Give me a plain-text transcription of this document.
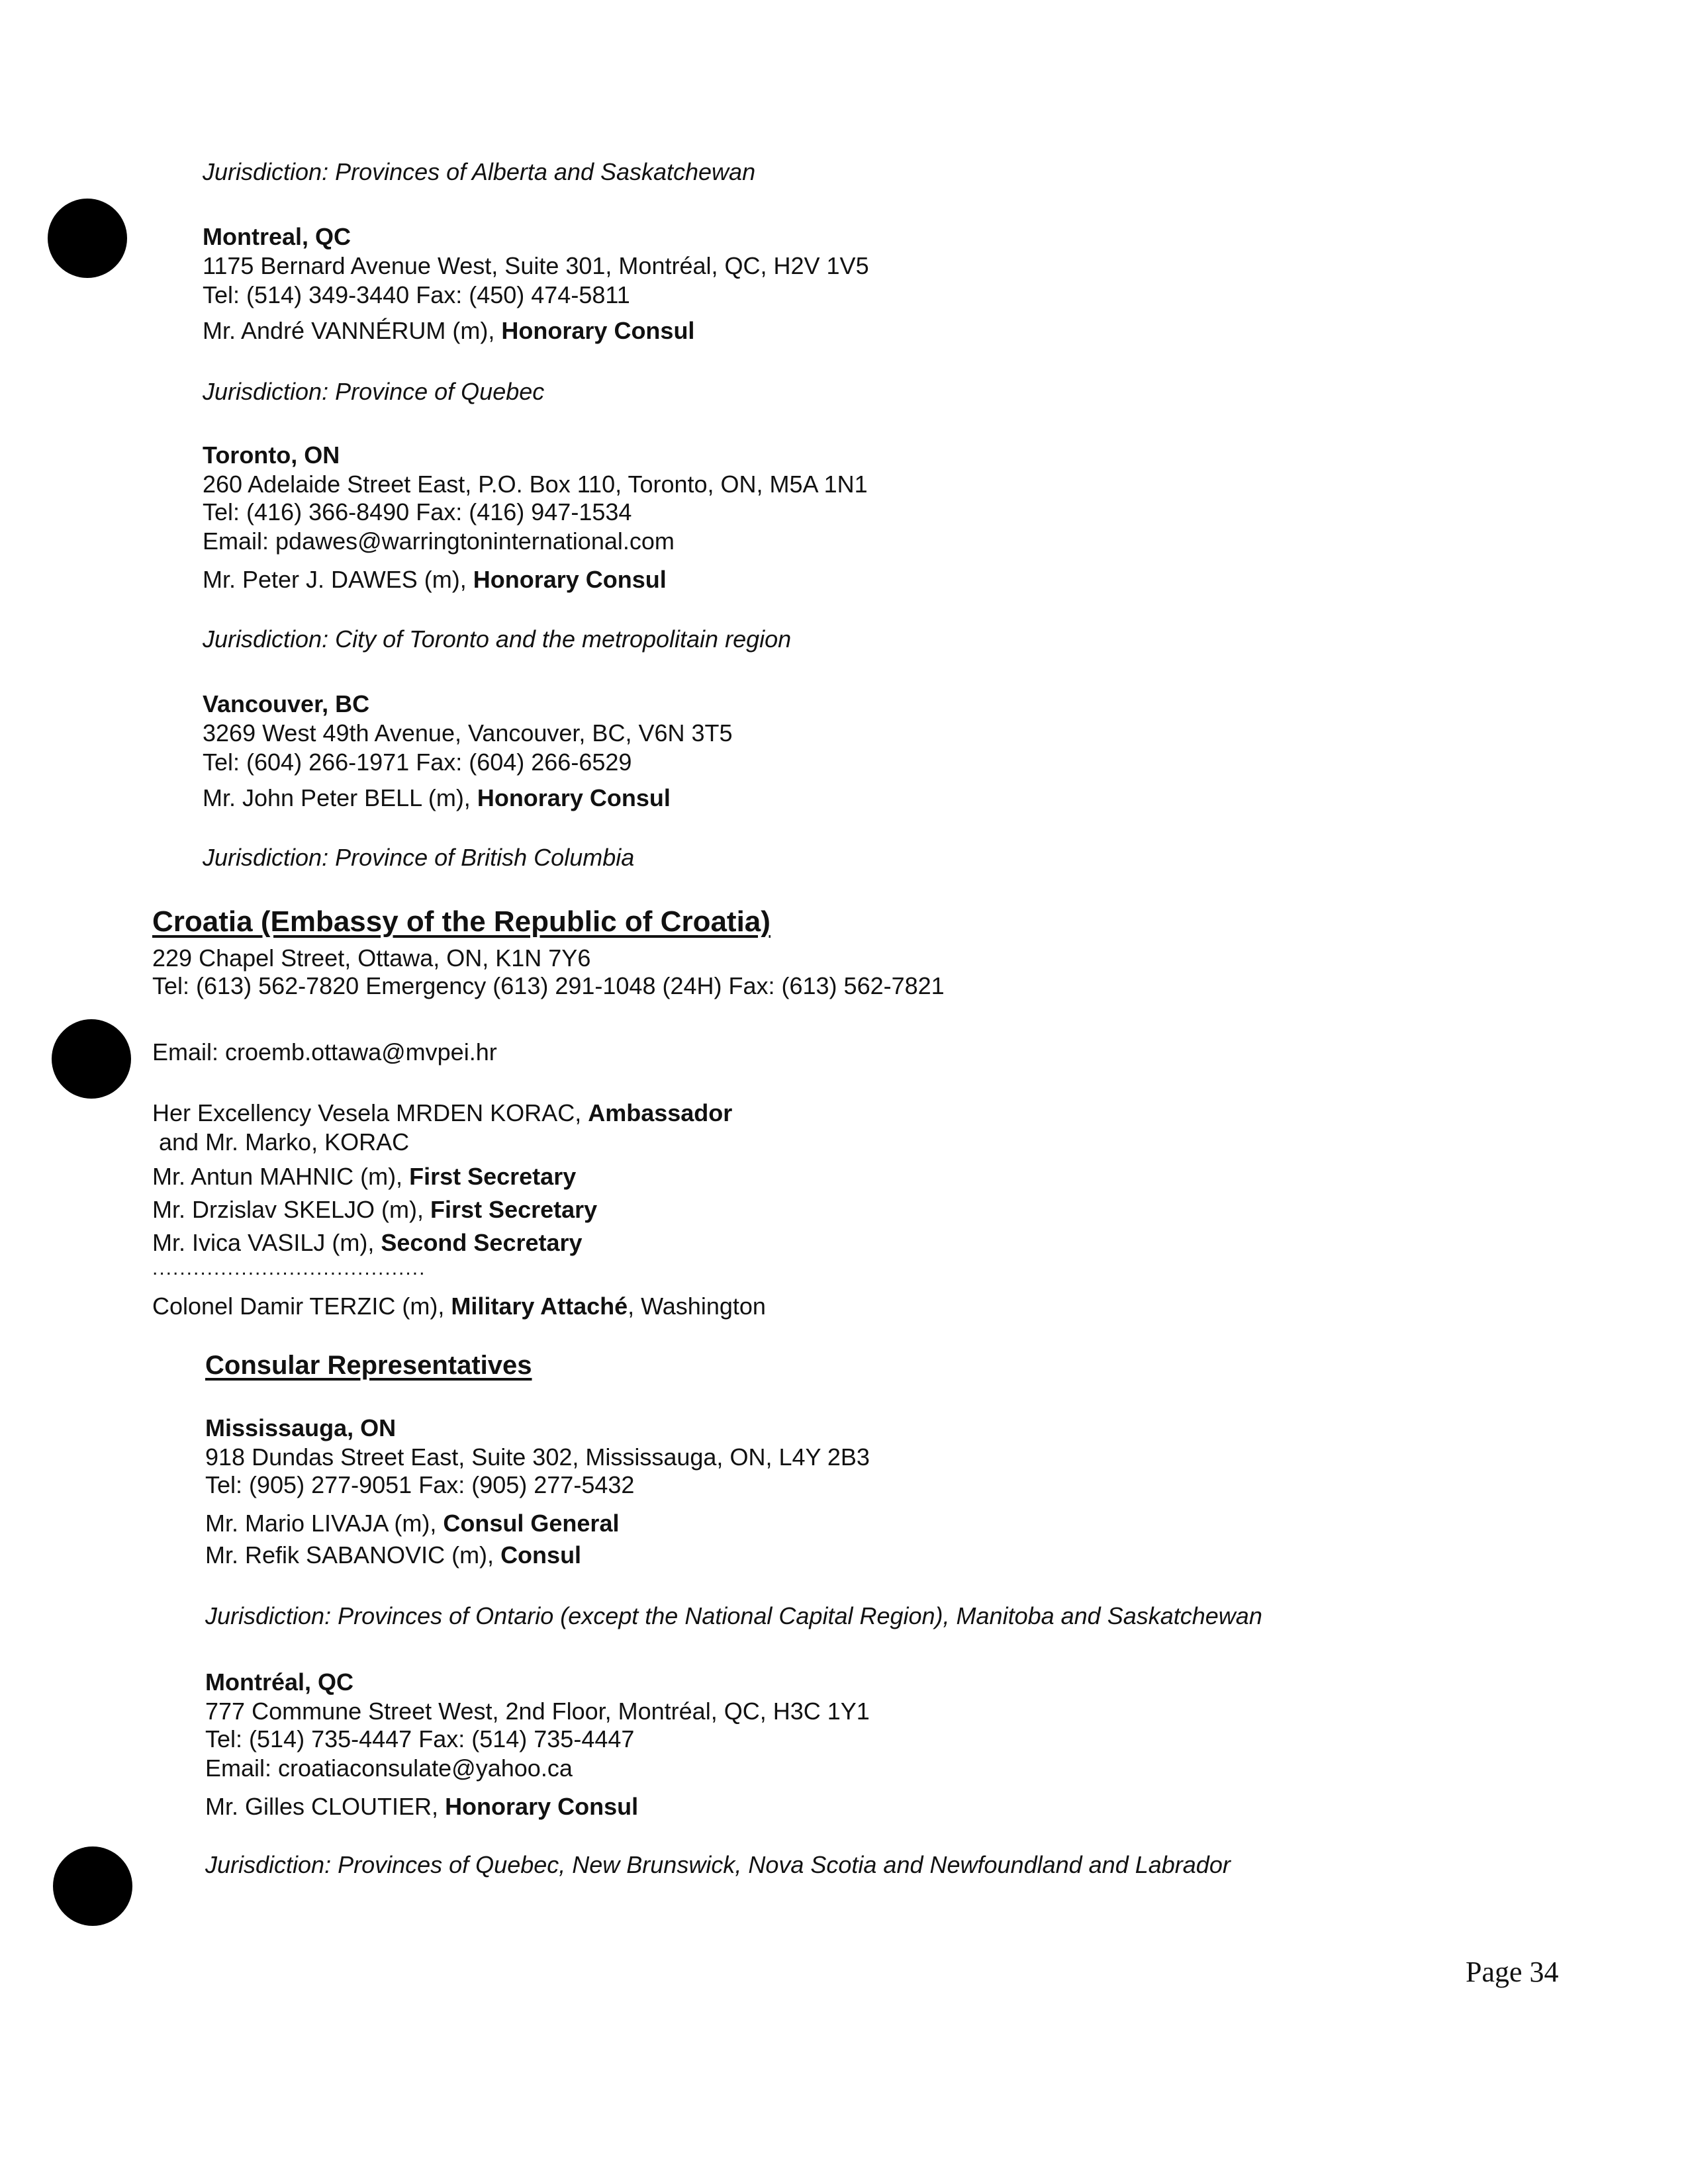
Jurisdiction: Provinces of Alberta and Saskatchewan
Montreal, QC
1175 Bernard Avenue West, Suite 301, Montréal, QC, H2V 1V5
Tel: (514) 349-3440 Fax: (450) 474-5811
Mr. André VANNÉRUM (m), Honorary Consul
Jurisdiction: Province of Quebec
Toronto, ON
260 Adelaide Street East, P.O. Box 110, Toronto, ON, M5A 1N1
Tel: (416) 366-8490 Fax: (416) 947-1534
Email: pdawes@warringtoninternational.com
Mr. Peter J. DAWES (m), Honorary Consul
Jurisdiction: City of Toronto and the metropolitain region
Vancouver, BC
3269 West 49th Avenue, Vancouver, BC, V6N 3T5
Tel: (604) 266-1971 Fax: (604) 266-6529
Mr. John Peter BELL (m), Honorary Consul
Jurisdiction: Province of British Columbia
Croatia (Embassy of the Republic of Croatia)
229 Chapel Street, Ottawa, ON, K1N 7Y6
Tel: (613) 562-7820 Emergency (613) 291-1048 (24H) Fax: (613) 562-7821
Email: croemb.ottawa@mvpei.hr
Her Excellency Vesela MRDEN KORAC, Ambassador
and Mr. Marko, KORAC
Mr. Antun MAHNIC (m), First Secretary
Mr. Drzislav SKELJO (m), First Secretary
Mr. Ivica VASILJ (m), Second Secretary
........................................
Colonel Damir TERZIC (m), Military Attaché, Washington
Consular Representatives
Mississauga, ON
918 Dundas Street East, Suite 302, Mississauga, ON, L4Y 2B3
Tel: (905) 277-9051 Fax: (905) 277-5432
Mr. Mario LIVAJA (m), Consul General
Mr. Refik SABANOVIC (m), Consul
Jurisdiction: Provinces of Ontario (except the National Capital Region), Manitoba and Saskatchewan
Montréal, QC
777 Commune Street West, 2nd Floor, Montréal, QC, H3C 1Y1
Tel: (514) 735-4447 Fax: (514) 735-4447
Email: croatiaconsulate@yahoo.ca
Mr. Gilles CLOUTIER, Honorary Consul
Jurisdiction: Provinces of Quebec, New Brunswick, Nova Scotia and Newfoundland and Labrador
Page 34
